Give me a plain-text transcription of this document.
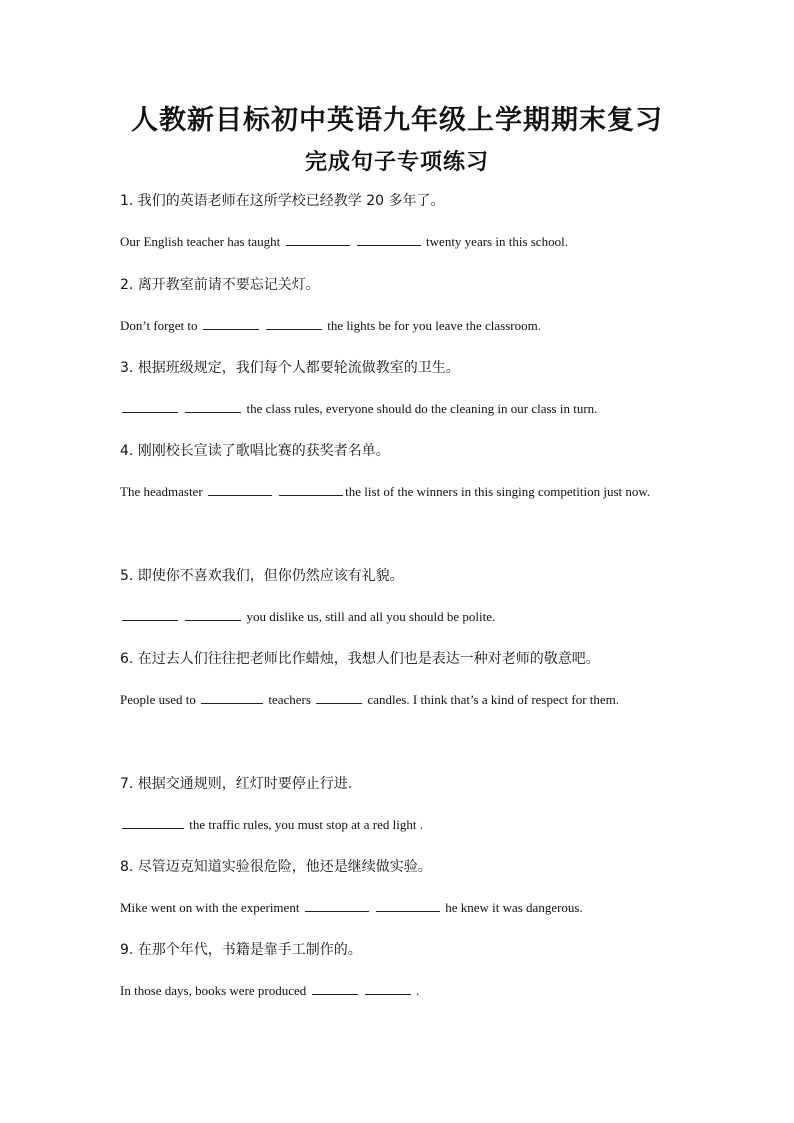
人教新目标初中英语九年级上学期期末复习
完成句子专项练习

1. 我们的英语老师在这所学校已经教学 20 多年了。

Our English teacher has taught	twenty years in this school.

2. 离开教室前请不要忘记关灯。

Don’t forget to	the lights be for you leave the classroom.

3. 根据班级规定，我们每个人都要轮流做教室的卫生。

the class rules, everyone should do the cleaning in our class in turn.

4. 刚刚校长宣读了歌唱比赛的获奖者名单。

The headmaster	the list of the winners in this singing competition just now.

5. 即使你不喜欢我们，但你仍然应该有礼貌。

you dislike us, still and all you should be polite.

6. 在过去人们往往把老师比作蜡烛，我想人们也是表达一种对老师的敬意吧。

People used to	teachers	candles. I think that’s a kind of respect for them.

7. 根据交通规则，红灯时要停止行进.

the traffic rules, you must stop at a red light .

8. 尽管迈克知道实验很危险，他还是继续做实验。

Mike went on with the experiment	he knew it was dangerous.

9. 在那个年代，书籍是靠手工制作的。

In those days, books were produced	.
